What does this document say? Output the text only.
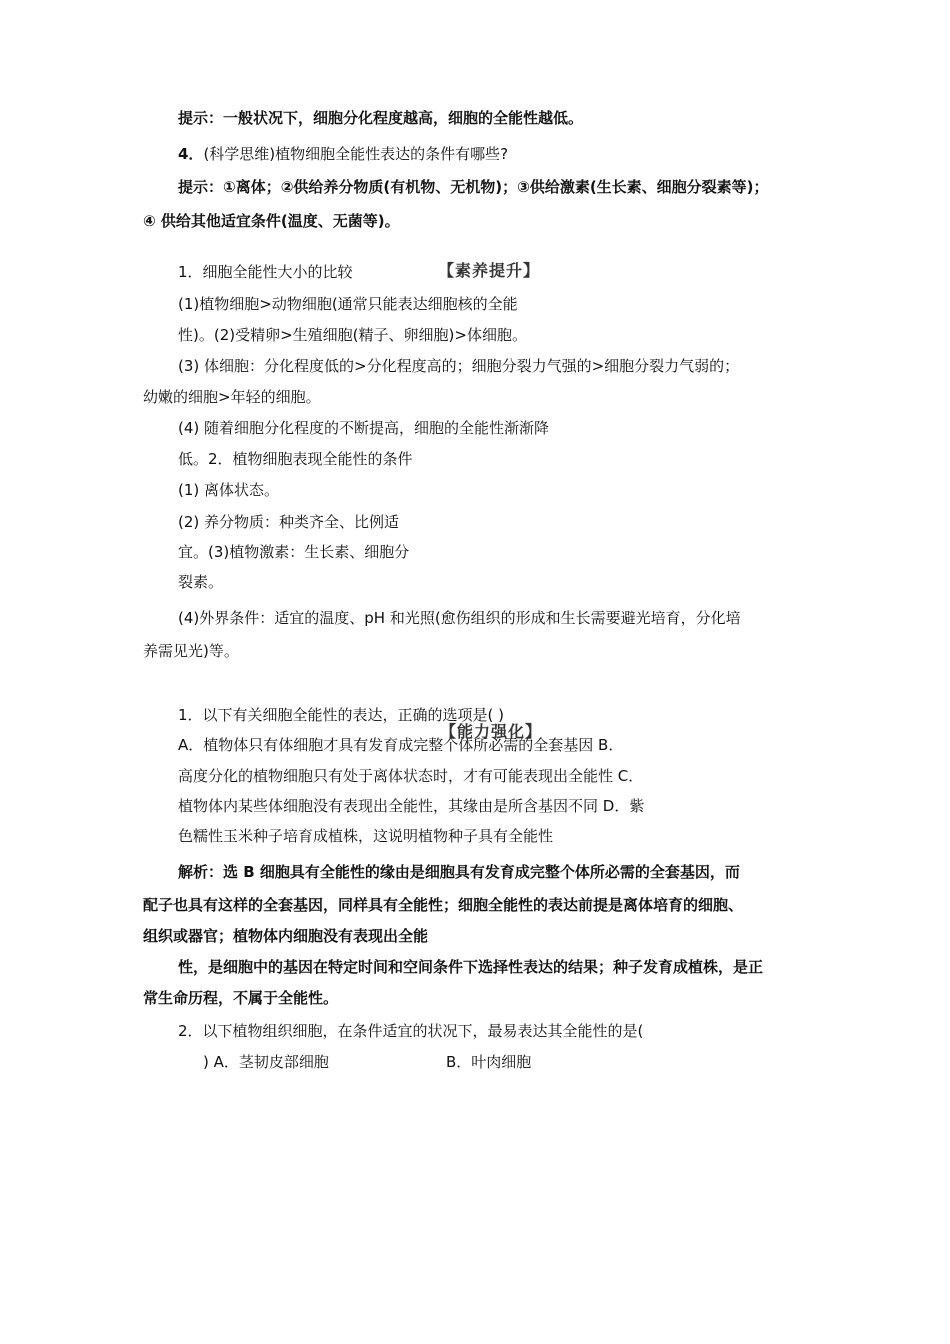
提示：一般状况下，细胞分化程度越高，细胞的全能性越低。
4．(科学思维)植物细胞全能性表达的条件有哪些?
提示：①离体；②供给养分物质(有机物、无机物)；③供给激素(生长素、细胞分裂素等)；
④ 供给其他适宜条件(温度、无菌等)。
1．细胞全能性大小的比较	【素养提升】
(1)植物细胞>动物细胞(通常只能表达细胞核的全能
性)。(2)受精卵>生殖细胞(精子、卵细胞)>体细胞。
(3) 体细胞：分化程度低的>分化程度高的；细胞分裂力气强的>细胞分裂力气弱的；
幼嫩的细胞>年轻的细胞。
(4) 随着细胞分化程度的不断提高，细胞的全能性渐渐降
低。2．植物细胞表现全能性的条件
(1) 离体状态。
(2) 养分物质：种类齐全、比例适
宜。(3)植物激素：生长素、细胞分
裂素。
(4)外界条件：适宜的温度、pH 和光照(愈伤组织的形成和生长需要避光培育，分化培
养需见光)等。
1．以下有关细胞全能性的表达，正确的选项是( )
A．植物体只有体细胞才具有发育成完整个体所必需的全套基因 B．
【能力强化】
高度分化的植物细胞只有处于离体状态时，才有可能表现出全能性 C．
植物体内某些体细胞没有表现出全能性，其缘由是所含基因不同 D．紫
色糯性玉米种子培育成植株，这说明植物种子具有全能性
解析：选 B 细胞具有全能性的缘由是细胞具有发育成完整个体所必需的全套基因，而
配子也具有这样的全套基因，同样具有全能性；细胞全能性的表达前提是离体培育的细胞、
组织或器官；植物体内细胞没有表现出全能
性，是细胞中的基因在特定时间和空间条件下选择性表达的结果；种子发育成植株，是正
常生命历程，不属于全能性。
2．以下植物组织细胞，在条件适宜的状况下，最易表达其全能性的是(
) A．茎韧皮部细胞	B．叶肉细胞
